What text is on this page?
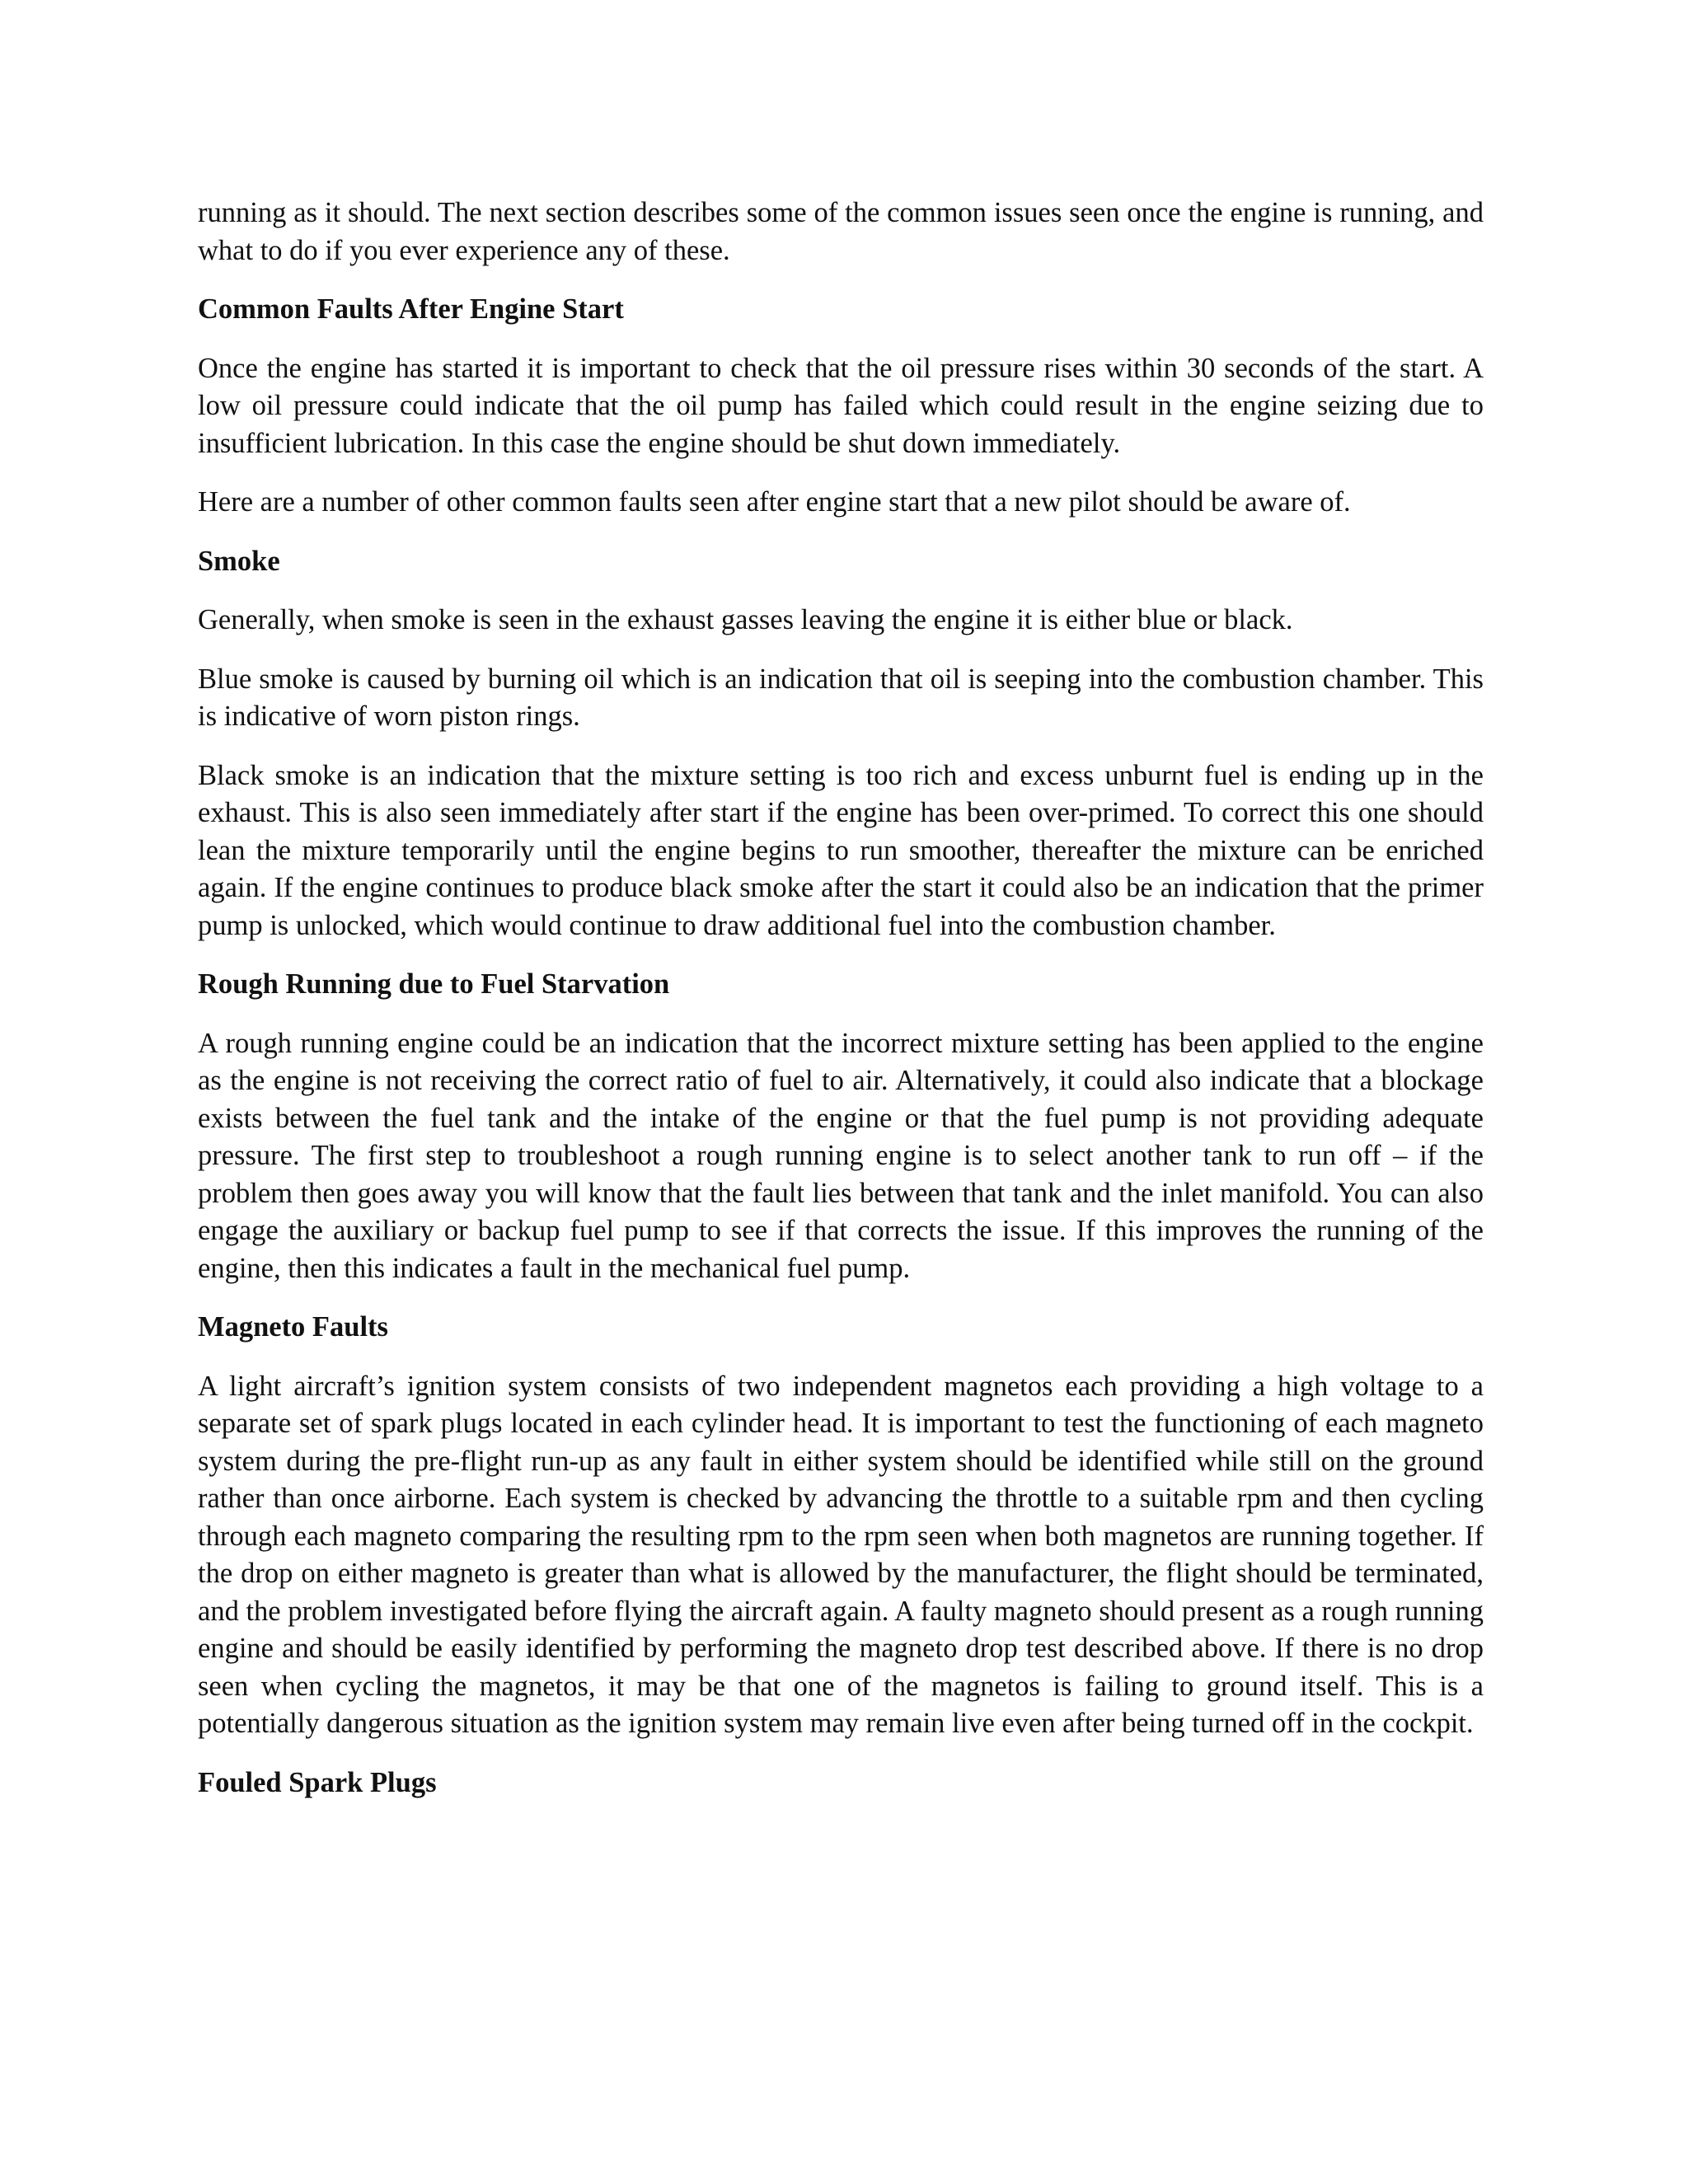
running as it should. The next section describes some of the common issues seen once the engine is running, and what to do if you ever experience any of these.

Common Faults After Engine Start

Once the engine has started it is important to check that the oil pressure rises within 30 seconds of the start. A low oil pressure could indicate that the oil pump has failed which could result in the engine seizing due to insufficient lubrication. In this case the engine should be shut down immediately.

Here are a number of other common faults seen after engine start that a new pilot should be aware of.

Smoke

Generally, when smoke is seen in the exhaust gasses leaving the engine it is either blue or black.

Blue smoke is caused by burning oil which is an indication that oil is seeping into the combustion chamber. This is indicative of worn piston rings.

Black smoke is an indication that the mixture setting is too rich and excess unburnt fuel is ending up in the exhaust. This is also seen immediately after start if the engine has been over-primed. To correct this one should lean the mixture temporarily until the engine begins to run smoother, thereafter the mixture can be enriched again. If the engine continues to produce black smoke after the start it could also be an indication that the primer pump is unlocked, which would continue to draw additional fuel into the combustion chamber.

Rough Running due to Fuel Starvation

A rough running engine could be an indication that the incorrect mixture setting has been applied to the engine as the engine is not receiving the correct ratio of fuel to air. Alternatively, it could also indicate that a blockage exists between the fuel tank and the intake of the engine or that the fuel pump is not providing adequate pressure. The first step to troubleshoot a rough running engine is to select another tank to run off – if the problem then goes away you will know that the fault lies between that tank and the inlet manifold. You can also engage the auxiliary or backup fuel pump to see if that corrects the issue. If this improves the running of the engine, then this indicates a fault in the mechanical fuel pump.

Magneto Faults

A light aircraft’s ignition system consists of two independent magnetos each providing a high voltage to a separate set of spark plugs located in each cylinder head. It is important to test the functioning of each magneto system during the pre-flight run-up as any fault in either system should be identified while still on the ground rather than once airborne. Each system is checked by advancing the throttle to a suitable rpm and then cycling through each magneto comparing the resulting rpm to the rpm seen when both magnetos are running together. If the drop on either magneto is greater than what is allowed by the manufacturer, the flight should be terminated, and the problem investigated before flying the aircraft again. A faulty magneto should present as a rough running engine and should be easily identified by performing the magneto drop test described above. If there is no drop seen when cycling the magnetos, it may be that one of the magnetos is failing to ground itself. This is a potentially dangerous situation as the ignition system may remain live even after being turned off in the cockpit.

Fouled Spark Plugs
